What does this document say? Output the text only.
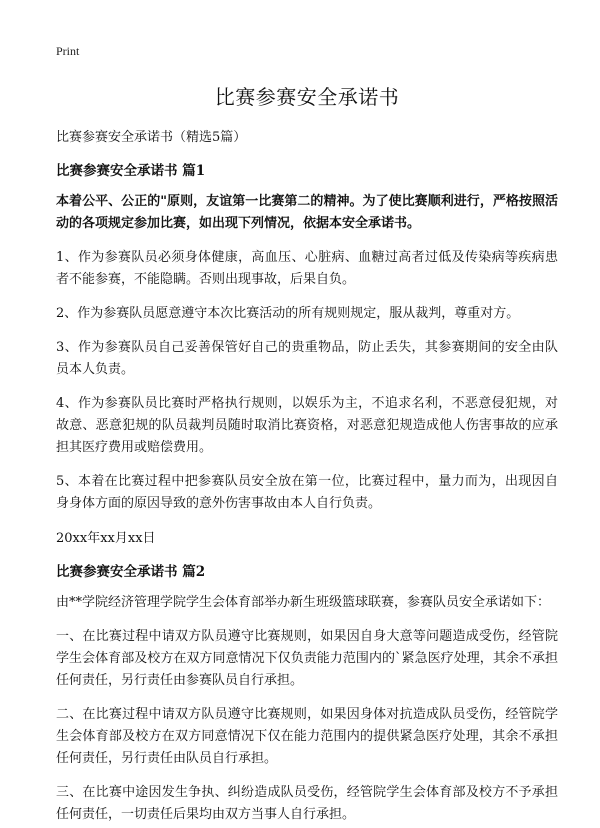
Print
比赛参赛安全承诺书

比赛参赛安全承诺书（精选5篇）

比赛参赛安全承诺书 篇1

本着公平、公正的"原则，友谊第一比赛第二的精神。为了使比赛顺利进行，严格按照活动的各项规定参加比赛，如出现下列情况，依据本安全承诺书。

1、作为参赛队员必须身体健康，高血压、心脏病、血糖过高者过低及传染病等疾病患者不能参赛，不能隐瞒。否则出现事故，后果自负。

2、作为参赛队员愿意遵守本次比赛活动的所有规则规定，服从裁判，尊重对方。

3、作为参赛队员自己妥善保管好自己的贵重物品，防止丢失，其参赛期间的安全由队员本人负责。

4、作为参赛队员比赛时严格执行规则，以娱乐为主，不追求名利，不恶意侵犯规，对故意、恶意犯规的队员裁判员随时取消比赛资格，对恶意犯规造成他人伤害事故的应承担其医疗费用或赔偿费用。

5、本着在比赛过程中把参赛队员安全放在第一位，比赛过程中，量力而为，出现因自身身体方面的原因导致的意外伤害事故由本人自行负责。

20xx年xx月xx日

比赛参赛安全承诺书 篇2

由**学院经济管理学院学生会体育部举办新生班级篮球联赛，参赛队员安全承诺如下：

一、在比赛过程中请双方队员遵守比赛规则，如果因自身大意等问题造成受伤，经管院学生会体育部及校方在双方同意情况下仅负责能力范围内的`紧急医疗处理，其余不承担任何责任，另行责任由参赛队员自行承担。

二、在比赛过程中请双方队员遵守比赛规则，如果因身体对抗造成队员受伤，经管院学生会体育部及校方在双方同意情况下仅在能力范围内的提供紧急医疗处理，其余不承担任何责任，另行责任由队员自行承担。

三、在比赛中途因发生争执、纠纷造成队员受伤，经管院学生会体育部及校方不予承担任何责任，一切责任后果均由双方当事人自行承担。
